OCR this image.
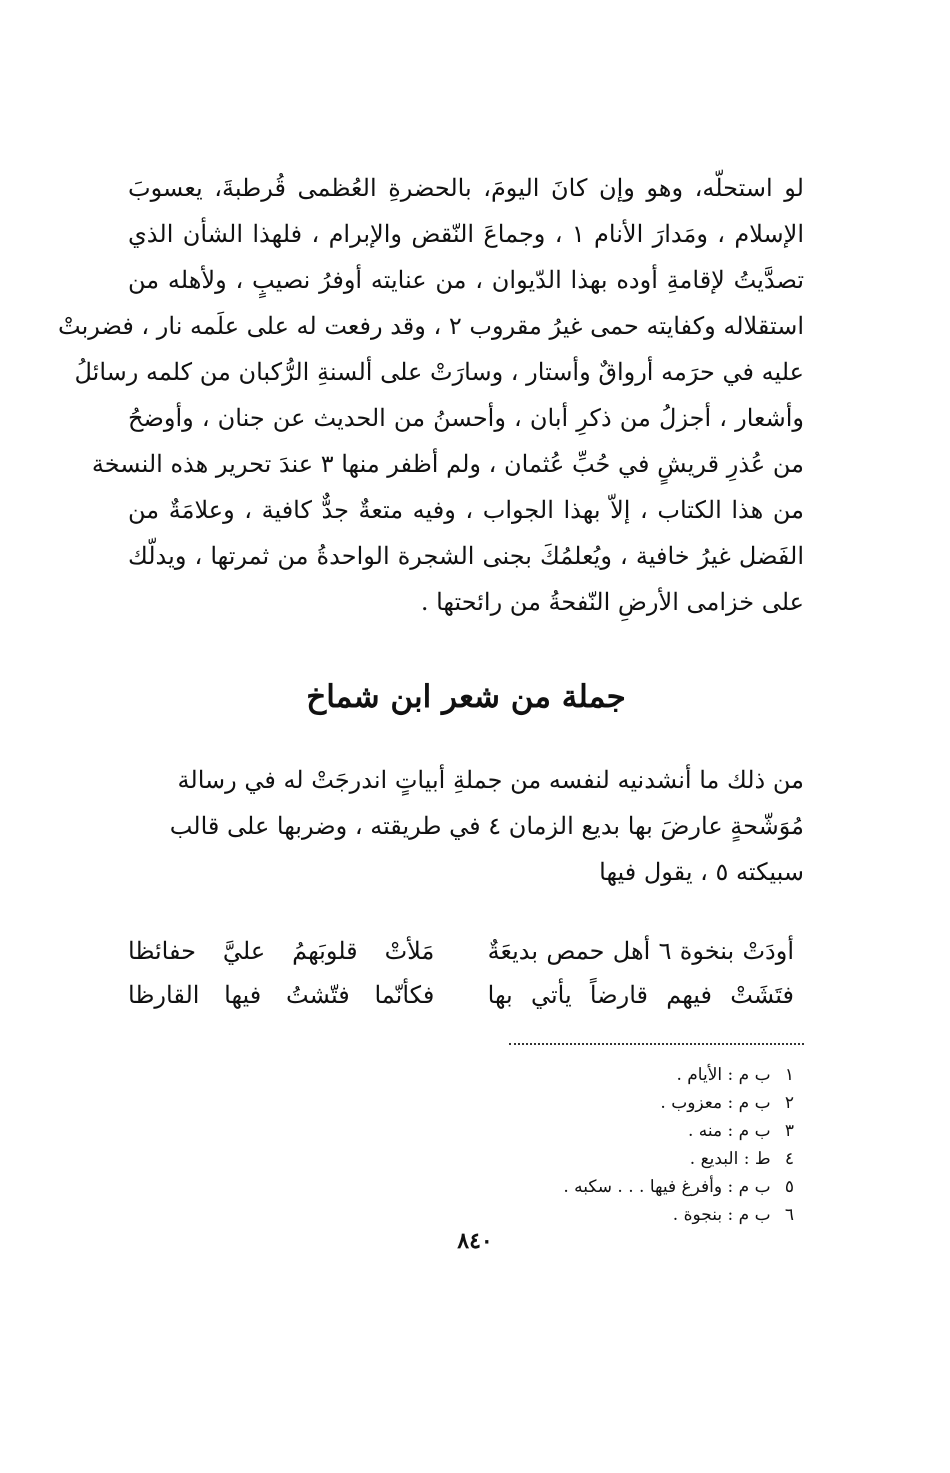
لو استحلّه، وهو وإن كانَ اليومَ، بالحضرةِ العُظمى قُرطبةَ، يعسوبَ
الإسلام ، ومَدارَ الأنام ١ ، وجماعَ النّقض والإبرام ، فلهذا الشأن الذي
تصدَّيتُ لإقامةِ أوده بهذا الدّيوان ، من عنايته أوفرُ نصيبٍ ، ولأهله من
استقلاله وكفايته حمى غيرُ مقروب ٢ ، وقد رفعت له على علَمه نار ، فضربتْ
عليه في حرَمه أرواقٌ وأستار ، وسارَتْ على ألسنةِ الرُّكبان من كلمه رسائلُ
وأشعار ، أجزلُ من ذكرِ أبان ، وأحسنُ من الحديث عن جنان ، وأوضحُ
من عُذرِ قريشٍ في حُبِّ عُثمان ، ولم أظفر منها ٣ عندَ تحرير هذه النسخة
من هذا الكتاب ، إلاّ بهذا الجواب ، وفيه متعةٌ جدٌّ كافية ، وعلامَةٌ من
الفَضل غيرُ خافية ، ويُعلمُكَ بجنى الشجرة الواحدةُ من ثمرتها ، ويدلّك
على خزامى الأرضِ النّفحةُ من رائحتها .
جملة من شعر ابن شماخ

من ذلك ما أنشدنيه لنفسه من جملةِ أبياتٍ اندرجَتْ له في رسالة مُوَشّحةٍ عارضَ بها بديع الزمان ٤ في طريقته ، وضربها على قالب سبيكته ٥ ، يقول فيها

أودَتْ بنخوة ٦ أهل حمص بديعَةٌ
مَلأتْ قلوبَهمُ عليَّ حفائظا
فتَشَتْ فيهم قارضاً يأتي بها
فكأنّما فتّشتُ فيها القارظا
١ ب م : الأيام .
٢ ب م : معزوب .
٣ ب م : منه .
٤ ط : البديع .
٥ ب م : وأفرغ فيها . . . سكبه .
٦ ب م : بنجوة .
٨٤٠
